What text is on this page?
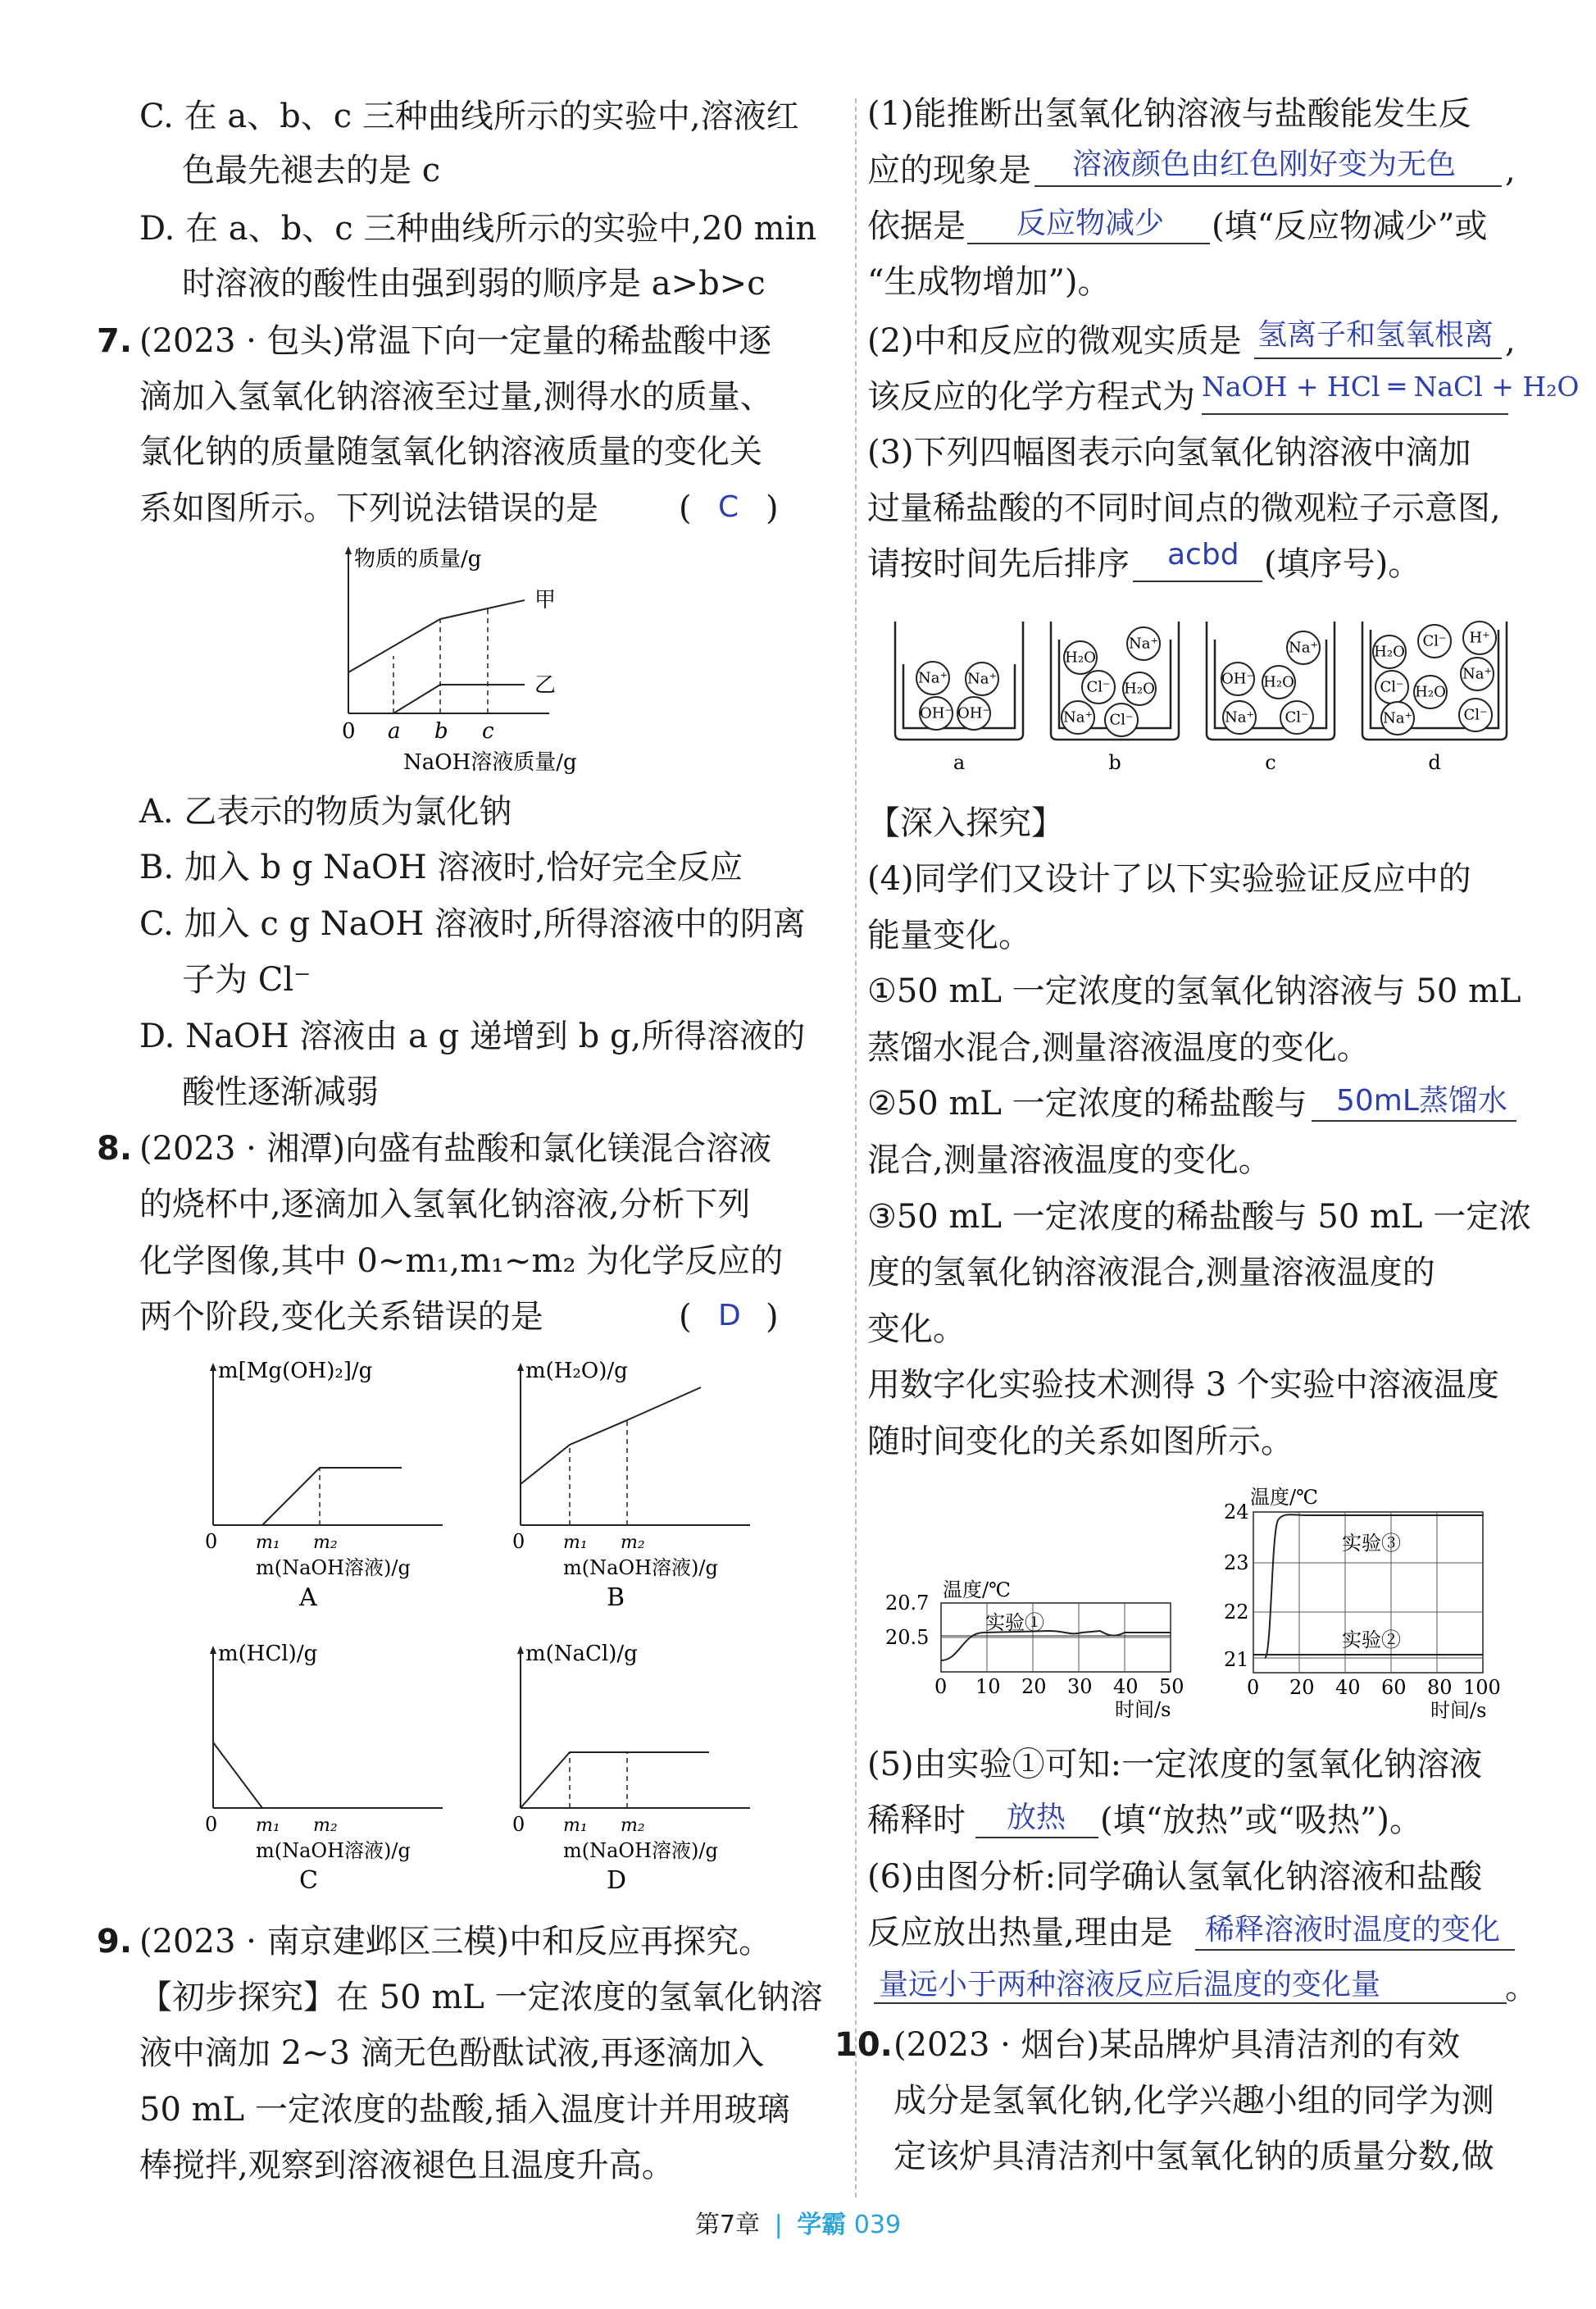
C. 在 a、b、c 三种曲线所示的实验中,溶液红
色最先褪去的是 c
D. 在 a、b、c 三种曲线所示的实验中,20 min
时溶液的酸性由强到弱的顺序是 a>b>c
7. (2023 · 包头)常温下向一定量的稀盐酸中逐
滴加入氢氧化钠溶液至过量,测得水的质量、
氯化钠的质量随氢氧化钠溶液质量的变化关
系如图所示。下列说法错误的是 ( C )
物质的质量/g
甲
乙
0 a b c
NaOH溶液质量/g
A. 乙表示的物质为氯化钠
B. 加入 b g NaOH 溶液时,恰好完全反应
C. 加入 c g NaOH 溶液时,所得溶液中的阴离
子为 Cl⁻
D. NaOH 溶液由 a g 递增到 b g,所得溶液的
酸性逐渐减弱
8. (2023 · 湘潭)向盛有盐酸和氯化镁混合溶液
的烧杯中,逐滴加入氢氧化钠溶液,分析下列
化学图像,其中 0~m₁,m₁~m₂ 为化学反应的
两个阶段,变化关系错误的是	( D )
m[Mg(OH)₂]/g
0 m₁ m₂
m(NaOH溶液)/g
A
m(H₂O)/g
0 m₁ m₂
m(NaOH溶液)/g
B
m(HCl)/g
0 m₁ m₂
m(NaOH溶液)/g
C
m(NaCl)/g
0 m₁ m₂
m(NaOH溶液)/g
D
9. (2023 · 南京建邺区三模)中和反应再探究。
【初步探究】在 50 mL 一定浓度的氢氧化钠溶
液中滴加 2~3 滴无色酚酞试液,再逐滴加入
50 mL 一定浓度的盐酸,插入温度计并用玻璃
棒搅拌,观察到溶液褪色且温度升高。
(1)能推断出氢氧化钠溶液与盐酸能发生反
应的现象是 溶液颜色由红色刚好变为无色 ,
依据是 反应物减少 (填“反应物减少”或
“生成物增加”)。
(2)中和反应的微观实质是 氢离子和氢氧根离 ,
该反应的化学方程式为 NaOH + HCl ═ NaCl + H₂O
(3)下列四幅图表示向氢氧化钠溶液中滴加
过量稀盐酸的不同时间点的微观粒子示意图,
请按时间先后排序 acbd (填序号)。
Na⁺ Na⁺
OH⁻ OH⁻
a
H₂O
Na⁺
Cl⁻ H₂O
Na⁺ Cl⁻
b
Na⁺
OH⁻ H₂O
Na⁺ Cl⁻
c
H₂O
Cl⁻ H⁺
Na⁺
Cl⁻ H₂O
Na⁺	Cl⁻
d
【深入探究】
(4)同学们又设计了以下实验验证反应中的
能量变化。
①50 mL 一定浓度的氢氧化钠溶液与 50 mL
蒸馏水混合,测量溶液温度的变化。
②50 mL 一定浓度的稀盐酸与 50mL蒸馏水
混合,测量溶液温度的变化。
③50 mL 一定浓度的稀盐酸与 50 mL 一定浓
度的氢氧化钠溶液混合,测量溶液温度的
变化。
用数字化实验技术测得 3 个实验中溶液温度
随时间变化的关系如图所示。
20.7
20.5
温度/℃
实验①
0 10 20 30 40 50
时间/s
24
23
22
21
温度/℃
实验③
实验②
0 20 40 60 80 100
时间/s
(5)由实验①可知:一定浓度的氢氧化钠溶液
稀释时 放热 (填“放热”或“吸热”)。
(6)由图分析:同学确认氢氧化钠溶液和盐酸
反应放出热量,理由是 稀释溶液时温度的变化
量远小于两种溶液反应后温度的变化量	。
10. (2023 · 烟台)某品牌炉具清洁剂的有效
成分是氢氧化钠,化学兴趣小组的同学为测
定该炉具清洁剂中氢氧化钠的质量分数,做
第7章 | 学霸 039
